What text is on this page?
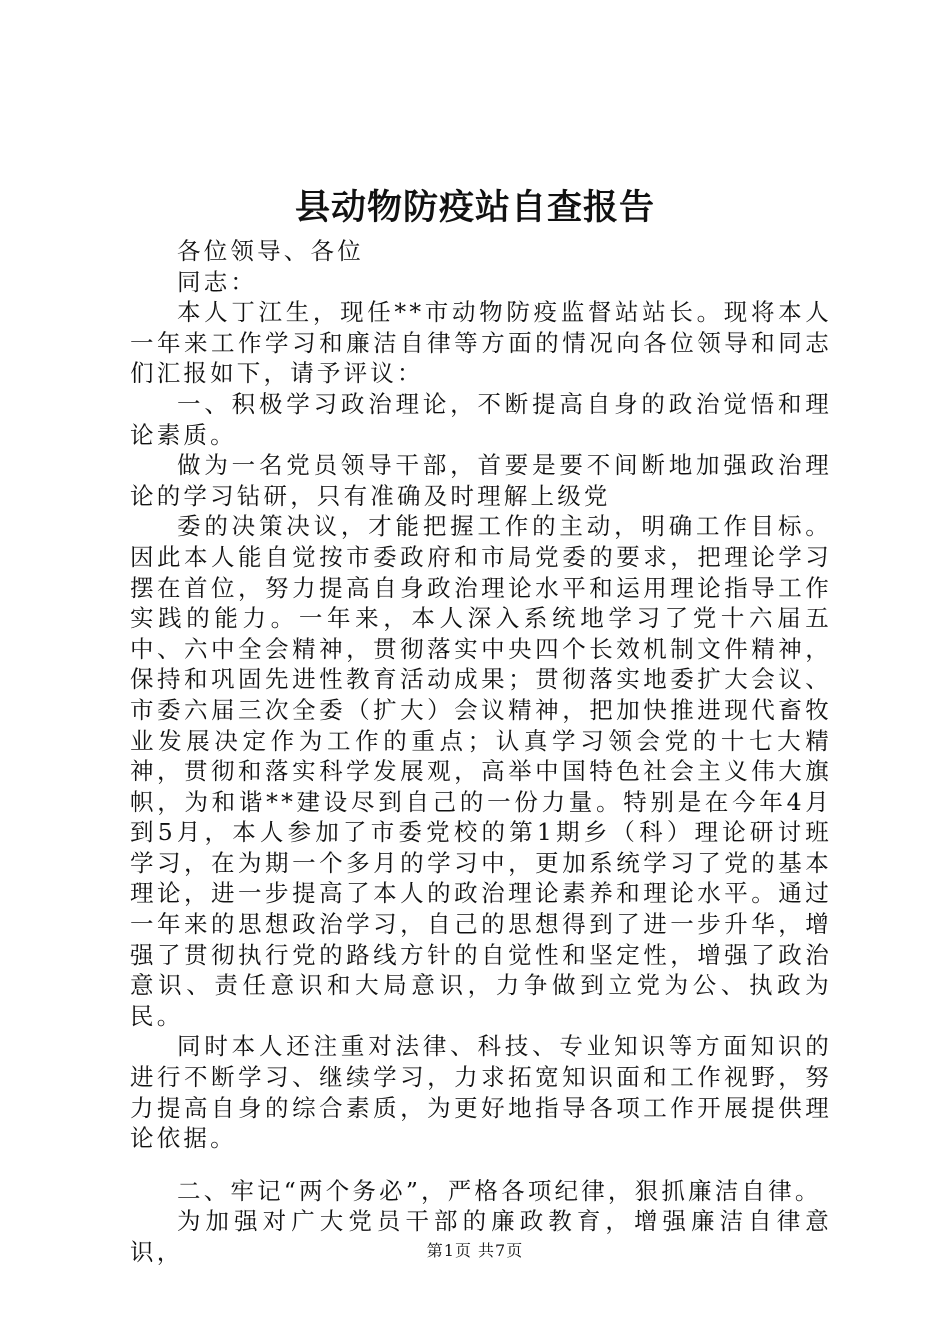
县动物防疫站自查报告

各位领导、各位

同志：

本人丁江生，现任**市动物防疫监督站站长。现将本人一年来工作学习和廉洁自律等方面的情况向各位领导和同志们汇报如下，请予评议：

一、积极学习政治理论，不断提高自身的政治觉悟和理论素质。

做为一名党员领导干部，首要是要不间断地加强政治理论的学习钻研，只有准确及时理解上级党

委的决策决议，才能把握工作的主动，明确工作目标。因此本人能自觉按市委政府和市局党委的要求，把理论学习摆在首位，努力提高自身政治理论水平和运用理论指导工作实践的能力。一年来，本人深入系统地学习了党十六届五中、六中全会精神，贯彻落实中央四个长效机制文件精神，保持和巩固先进性教育活动成果；贯彻落实地委扩大会议、市委六届三次全委（扩大）会议精神，把加快推进现代畜牧业发展决定作为工作的重点；认真学习领会党的十七大精神，贯彻和落实科学发展观，高举中国特色社会主义伟大旗帜，为和谐**建设尽到自己的一份力量。特别是在今年4月到5月，本人参加了市委党校的第1期乡（科）理论研讨班学习，在为期一个多月的学习中，更加系统学习了党的基本理论，进一步提高了本人的政治理论素养和理论水平。通过一年来的思想政治学习，自己的思想得到了进一步升华，增强了贯彻执行党的路线方针的自觉性和坚定性，增强了政治意识、责任意识和大局意识，力争做到立党为公、执政为民。

同时本人还注重对法律、科技、专业知识等方面知识的进行不断学习、继续学习，力求拓宽知识面和工作视野，努力提高自身的综合素质，为更好地指导各项工作开展提供理论依据。

二、牢记“两个务必”，严格各项纪律，狠抓廉洁自律。

为加强对广大党员干部的廉政教育，增强廉洁自律意识，	第1页 共7页
